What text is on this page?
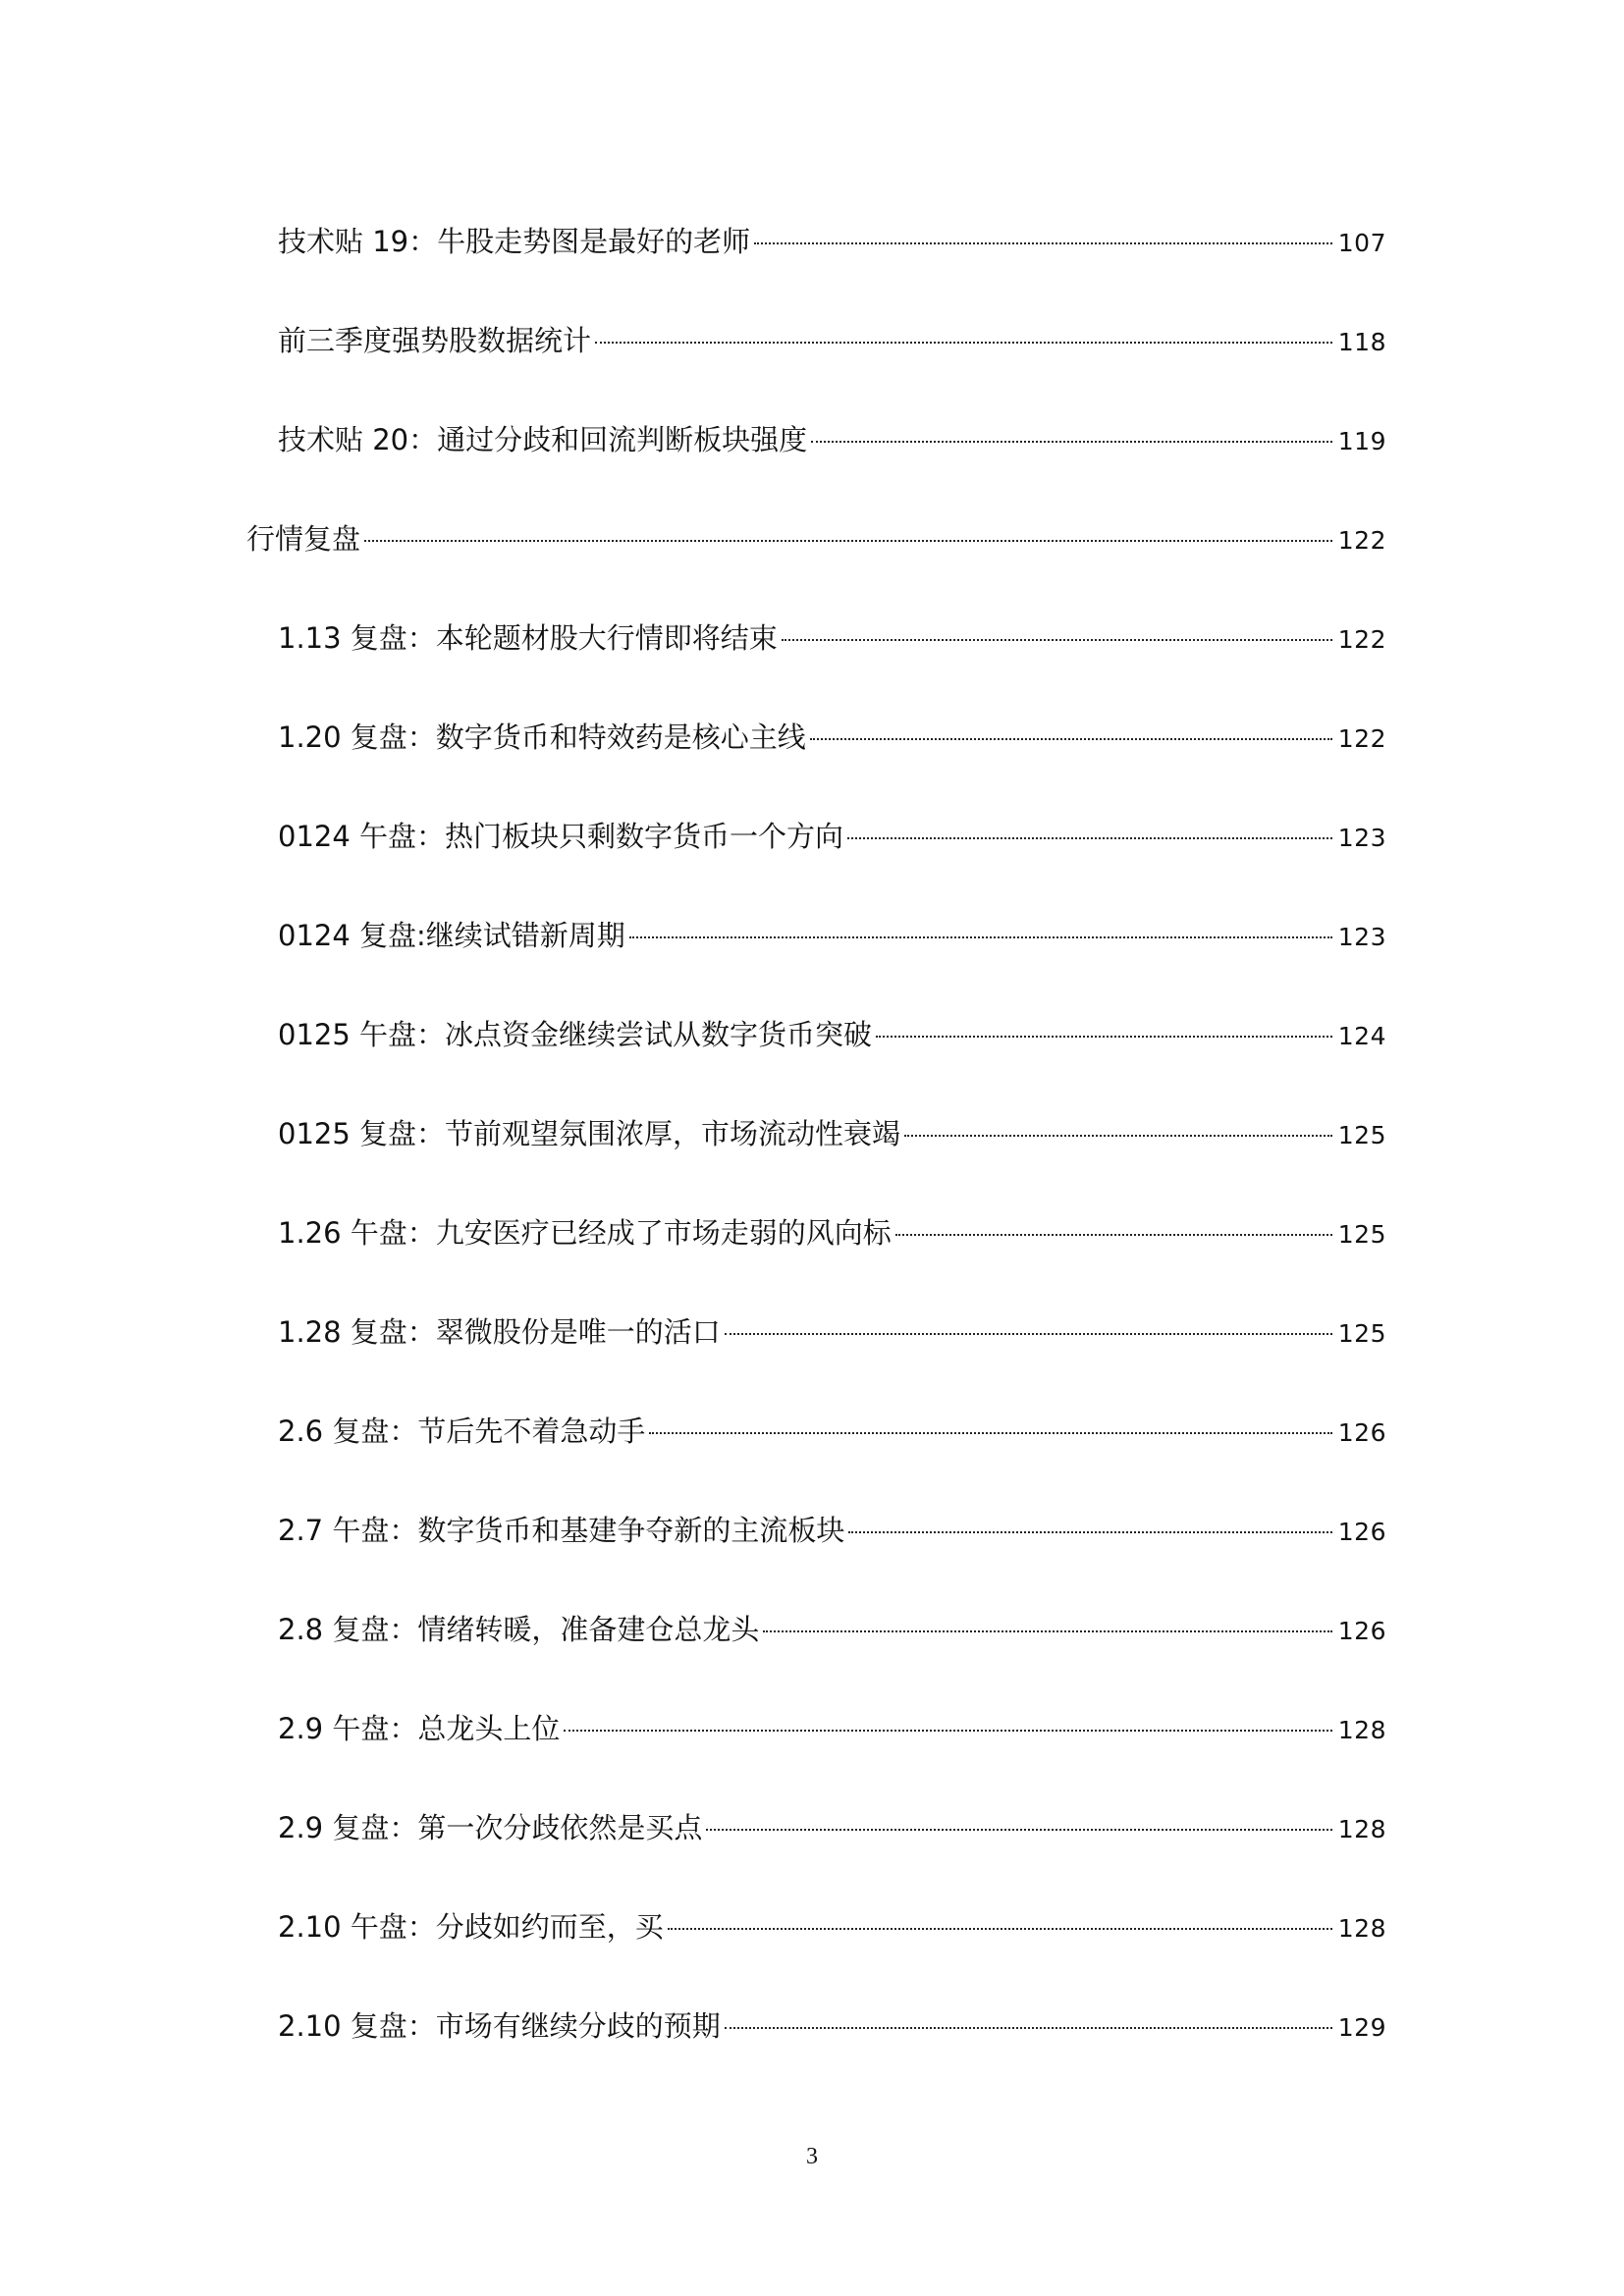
技术贴 19：牛股走势图是最好的老师	107
前三季度强势股数据统计	118
技术贴 20：通过分歧和回流判断板块强度	119
行情复盘	122
1.13 复盘：本轮题材股大行情即将结束	122
1.20 复盘：数字货币和特效药是核心主线	122
0124 午盘：热门板块只剩数字货币一个方向	123
0124 复盘:继续试错新周期	123
0125 午盘：冰点资金继续尝试从数字货币突破	124
0125 复盘：节前观望氛围浓厚，市场流动性衰竭	125
1.26 午盘：九安医疗已经成了市场走弱的风向标	125
1.28 复盘：翠微股份是唯一的活口	125
2.6 复盘：节后先不着急动手	126
2.7 午盘：数字货币和基建争夺新的主流板块	126
2.8 复盘：情绪转暖，准备建仓总龙头	126
2.9 午盘：总龙头上位	128
2.9 复盘：第一次分歧依然是买点	128
2.10 午盘：分歧如约而至，买	128
2.10 复盘：市场有继续分歧的预期	129
3
